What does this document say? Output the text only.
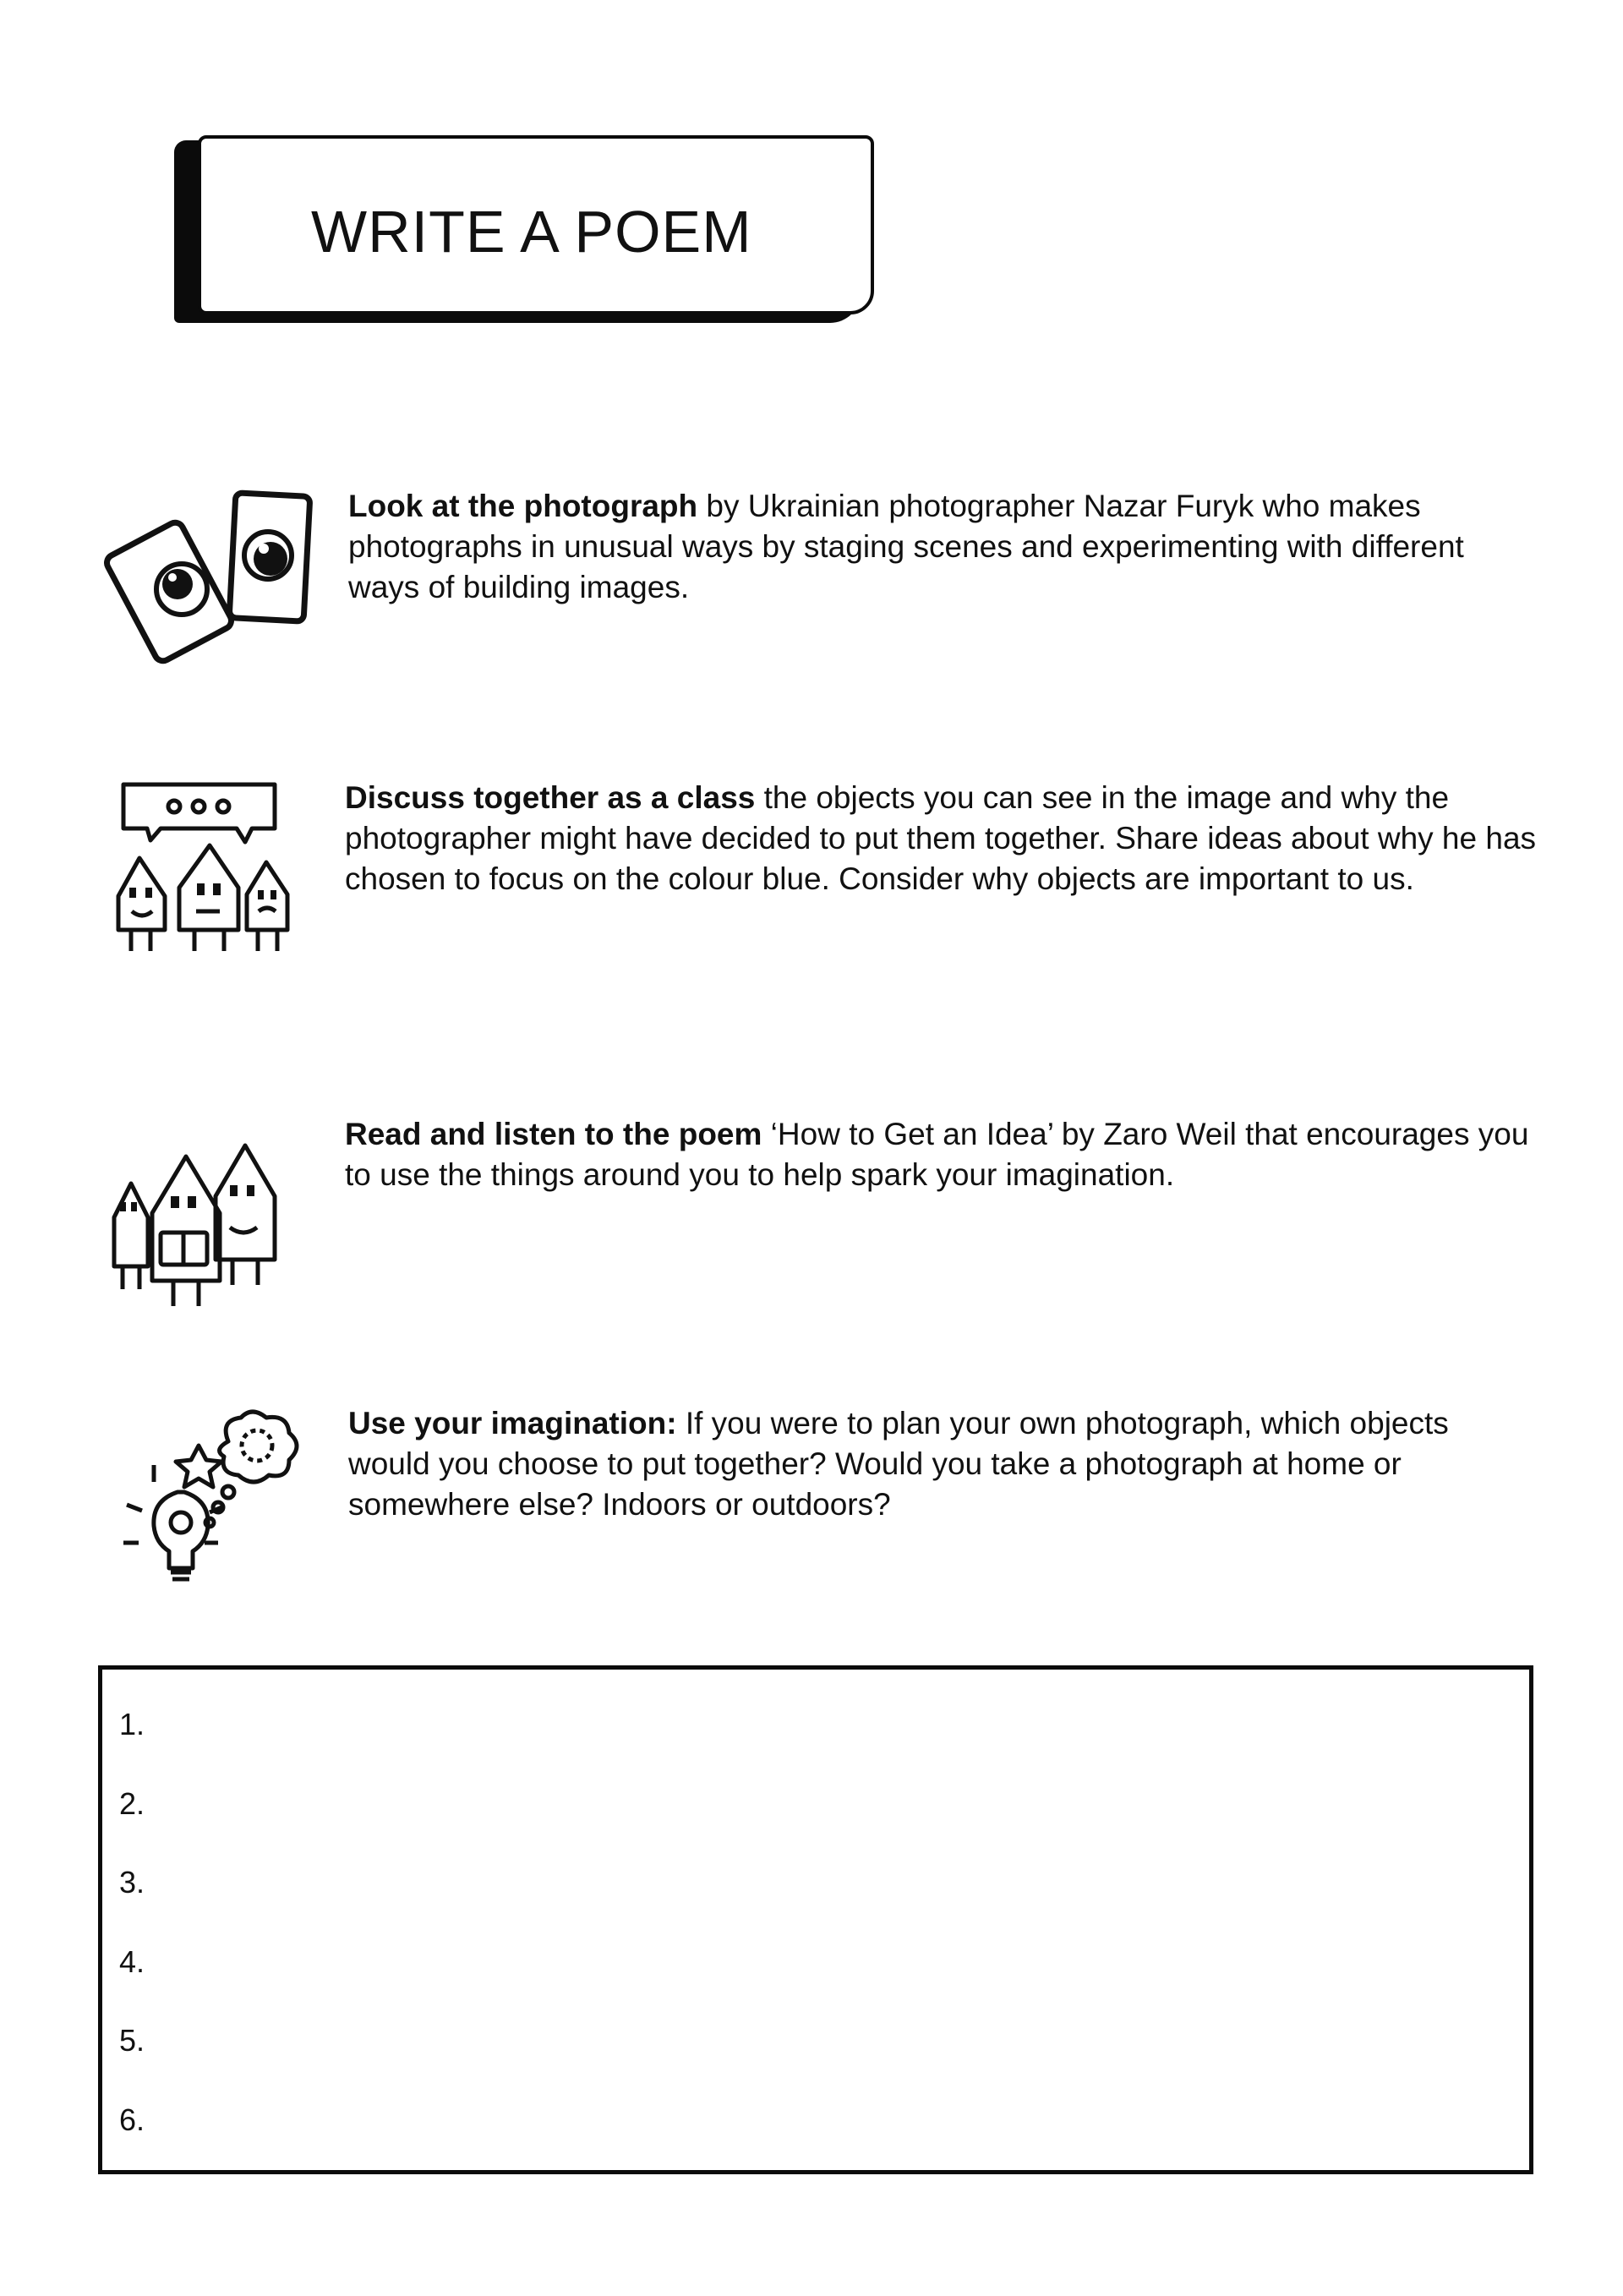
WRITE A POEM

Look at the photograph by Ukrainian photographer Nazar Furyk who makes photographs in unusual ways by staging scenes and experimenting with different ways of building images.

Discuss together as a class the objects you can see in the image and why the photographer might have decided to put them together. Share ideas about why he has chosen to focus on the colour blue. Consider why objects are important to us.

Read and listen to the poem ‘How to Get an Idea’ by Zaro Weil that encourages you to use the things around you to help spark your imagination.

Use your imagination: If you were to plan your own photograph, which objects would you choose to put together? Would you take a photograph at home or somewhere else? Indoors or outdoors?

1.
2.
3.
4.
5.
6.
